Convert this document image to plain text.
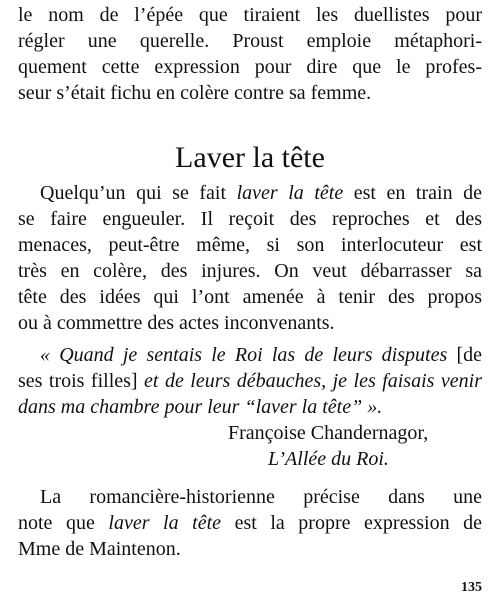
le nom de l’épée que tiraient les duellistes pour
régler une querelle. Proust emploie métaphori-
quement cette expression pour dire que le profes-
seur s’était fichu en colère contre sa femme.
Laver la tête
Quelqu’un qui se fait laver la tête est en train de
se faire engueuler. Il reçoit des reproches et des
menaces, peut-être même, si son interlocuteur est
très en colère, des injures. On veut débarrasser sa
tête des idées qui l’ont amenée à tenir des propos
ou à commettre des actes inconvenants.
« Quand je sentais le Roi las de leurs disputes [de
ses trois filles] et de leurs débauches, je les faisais venir
dans ma chambre pour leur “laver la tête” ».
Françoise Chandernagor,
L’Allée du Roi.
La romancière-historienne précise dans une
note que laver la tête est la propre expression de
Mme de Maintenon.
135
